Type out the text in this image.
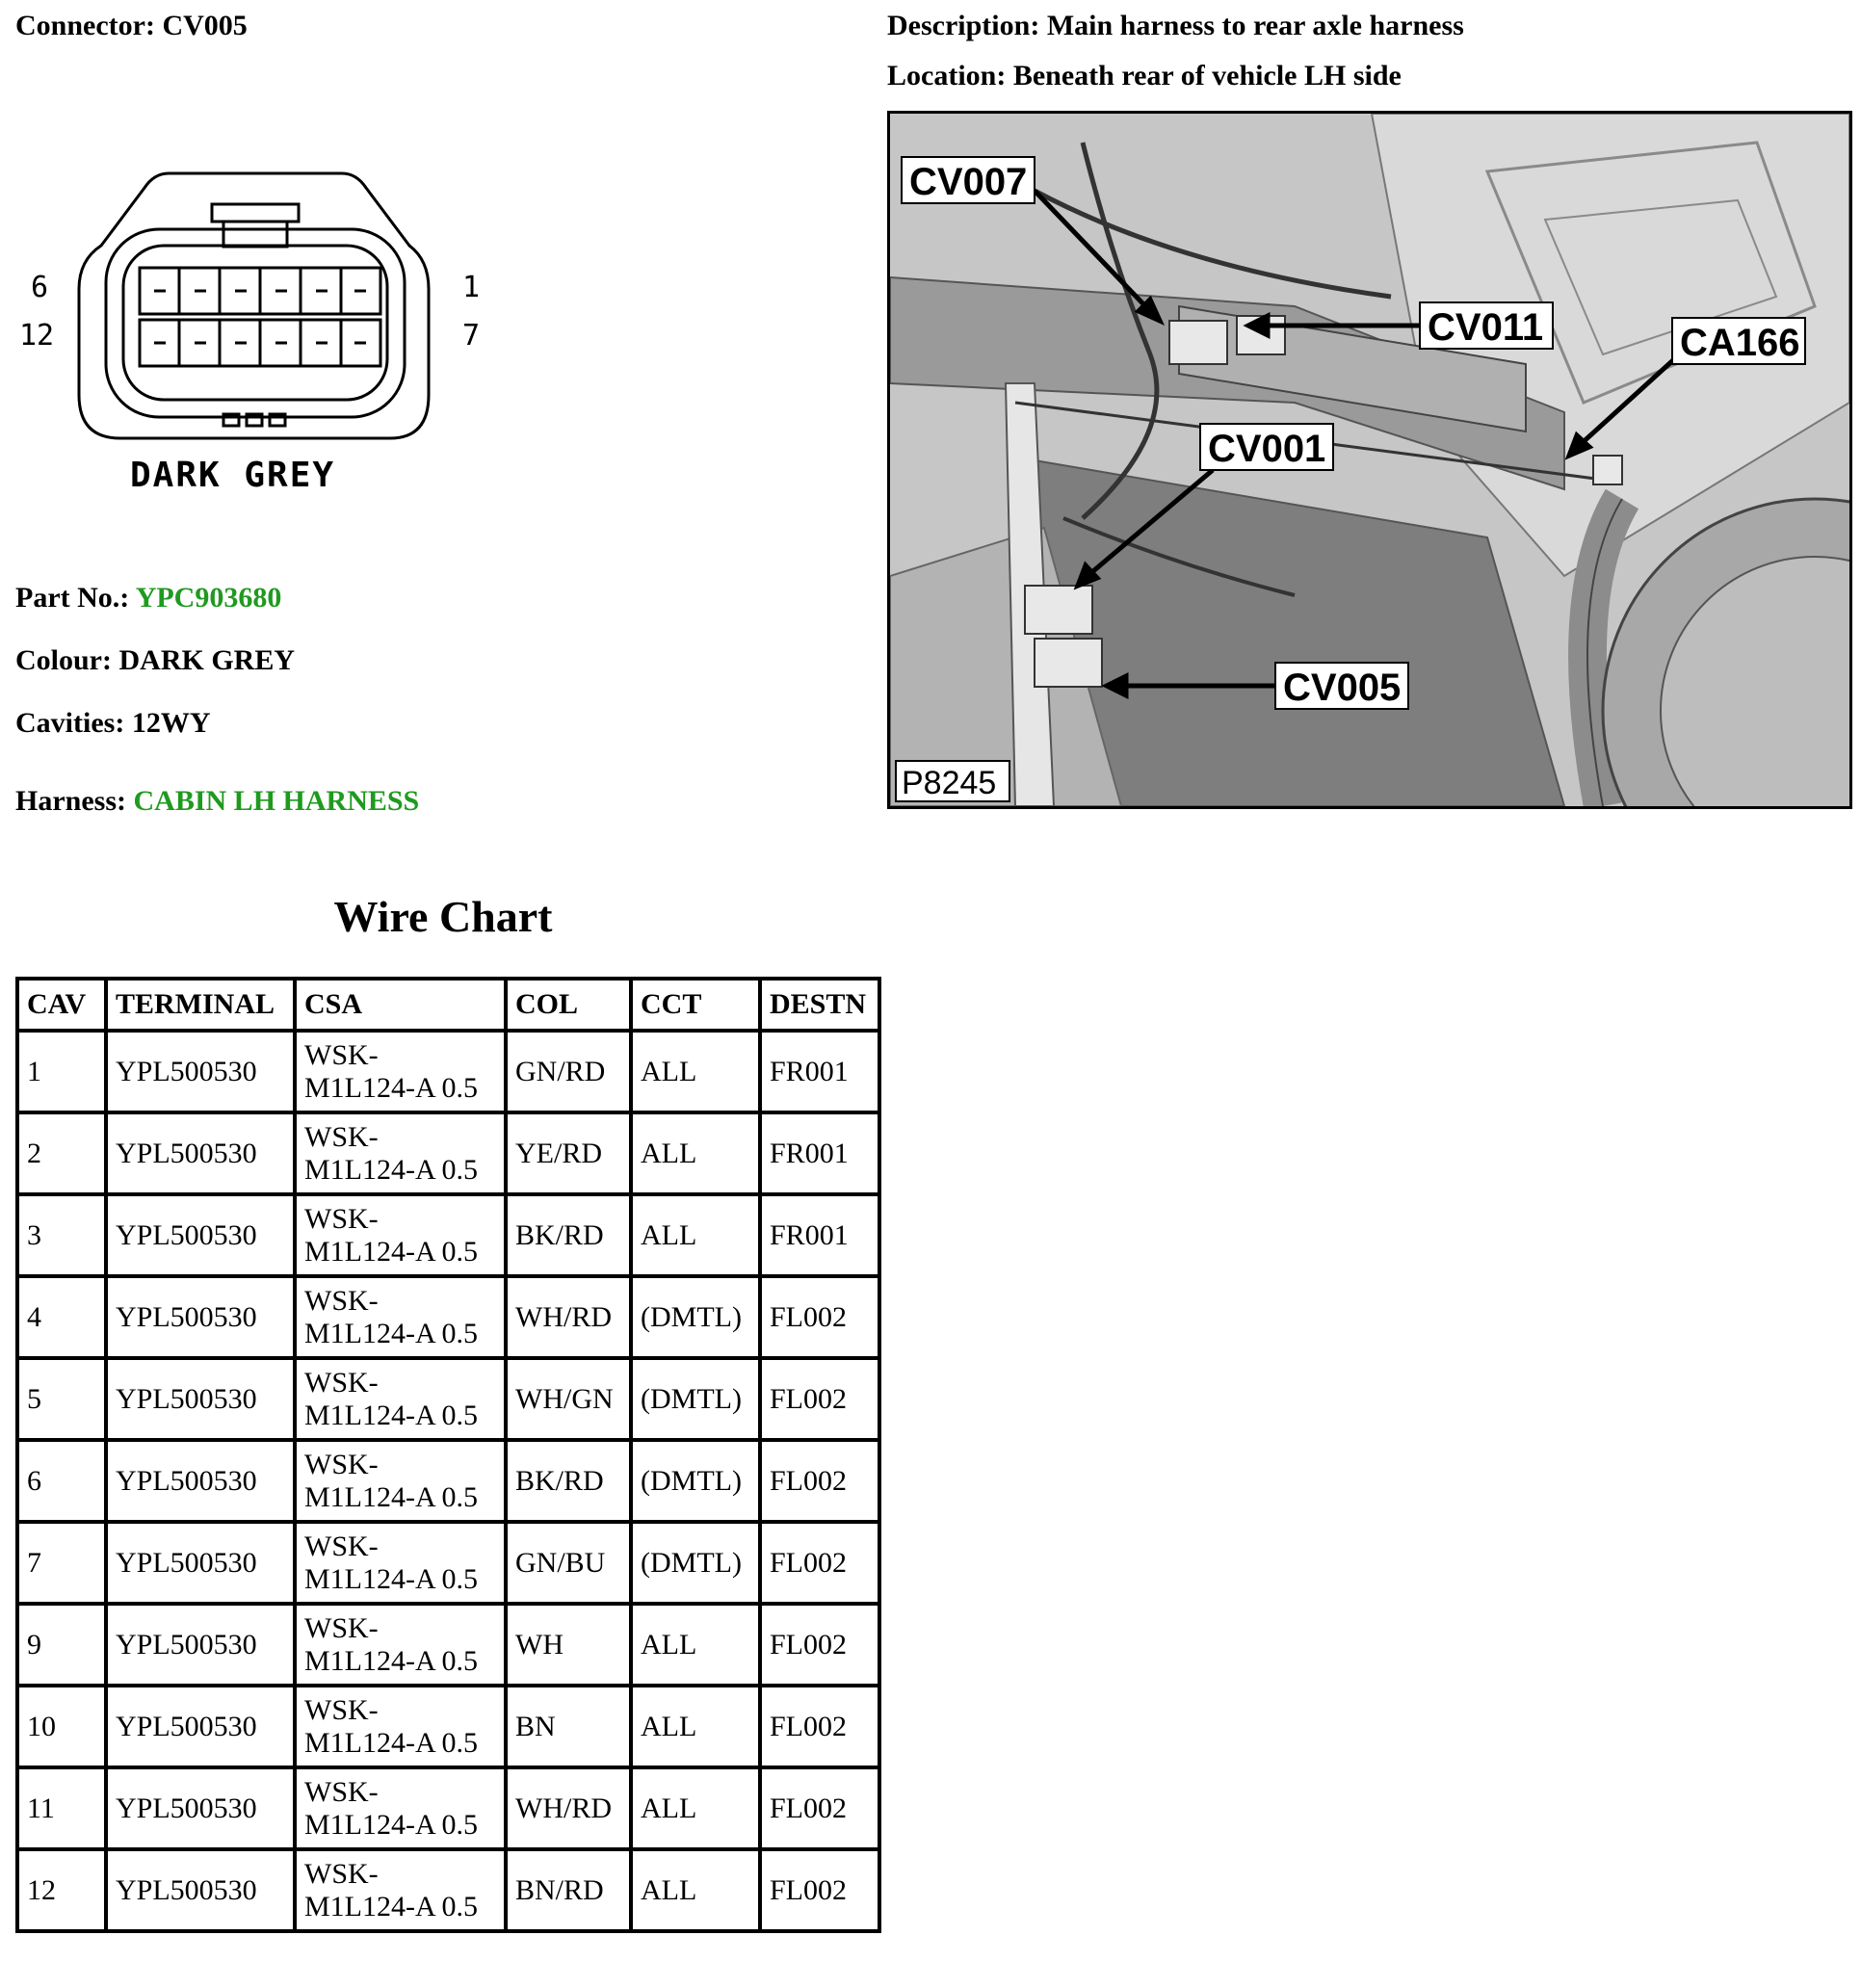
Connector: CV005	Description: Main harness to rear axle harness
Location: Beneath rear of vehicle LH side
6
12
1
7
DARK GREY
Part No.: YPC903680
Colour: DARK GREY
Cavities: 12WY
Harness: CABIN LH HARNESS
CV007
CV011	CA166
CV001
CV005
P8245
Wire Chart
CAV	TERMINAL	CSA	COL	CCT	DESTN
1	YPL500530	WSK-
M1L124-A 0.5	GN/RD	ALL	FR001
2	YPL500530	WSK-
M1L124-A 0.5	YE/RD	ALL	FR001
3	YPL500530	WSK-
M1L124-A 0.5	BK/RD	ALL	FR001
4	YPL500530	WSK-
M1L124-A 0.5	WH/RD	(DMTL)	FL002
5	YPL500530	WSK-
M1L124-A 0.5	WH/GN	(DMTL)	FL002
6	YPL500530	WSK-
M1L124-A 0.5	BK/RD	(DMTL)	FL002
7	YPL500530	WSK-
M1L124-A 0.5	GN/BU	(DMTL)	FL002
9	YPL500530	WSK-
M1L124-A 0.5	WH	ALL	FL002
10	YPL500530	WSK-
M1L124-A 0.5	BN	ALL	FL002
11	YPL500530	WSK-
M1L124-A 0.5	WH/RD	ALL	FL002
12	YPL500530	WSK-
M1L124-A 0.5	BN/RD	ALL	FL002
